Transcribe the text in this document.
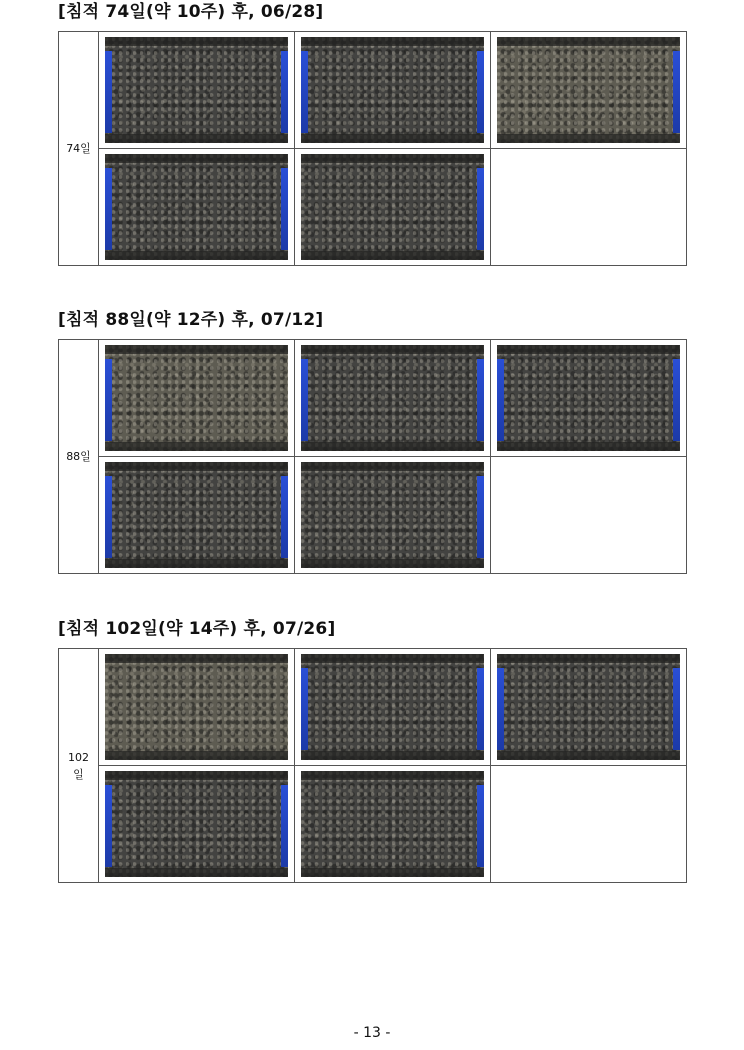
[침적 74일(약 10주) 후, 06/28]
74일			

[침적 88일(약 12주) 후, 07/12]
88일			

[침적 102일(약 14주) 후, 07/26]
102
일			

- 13 -
